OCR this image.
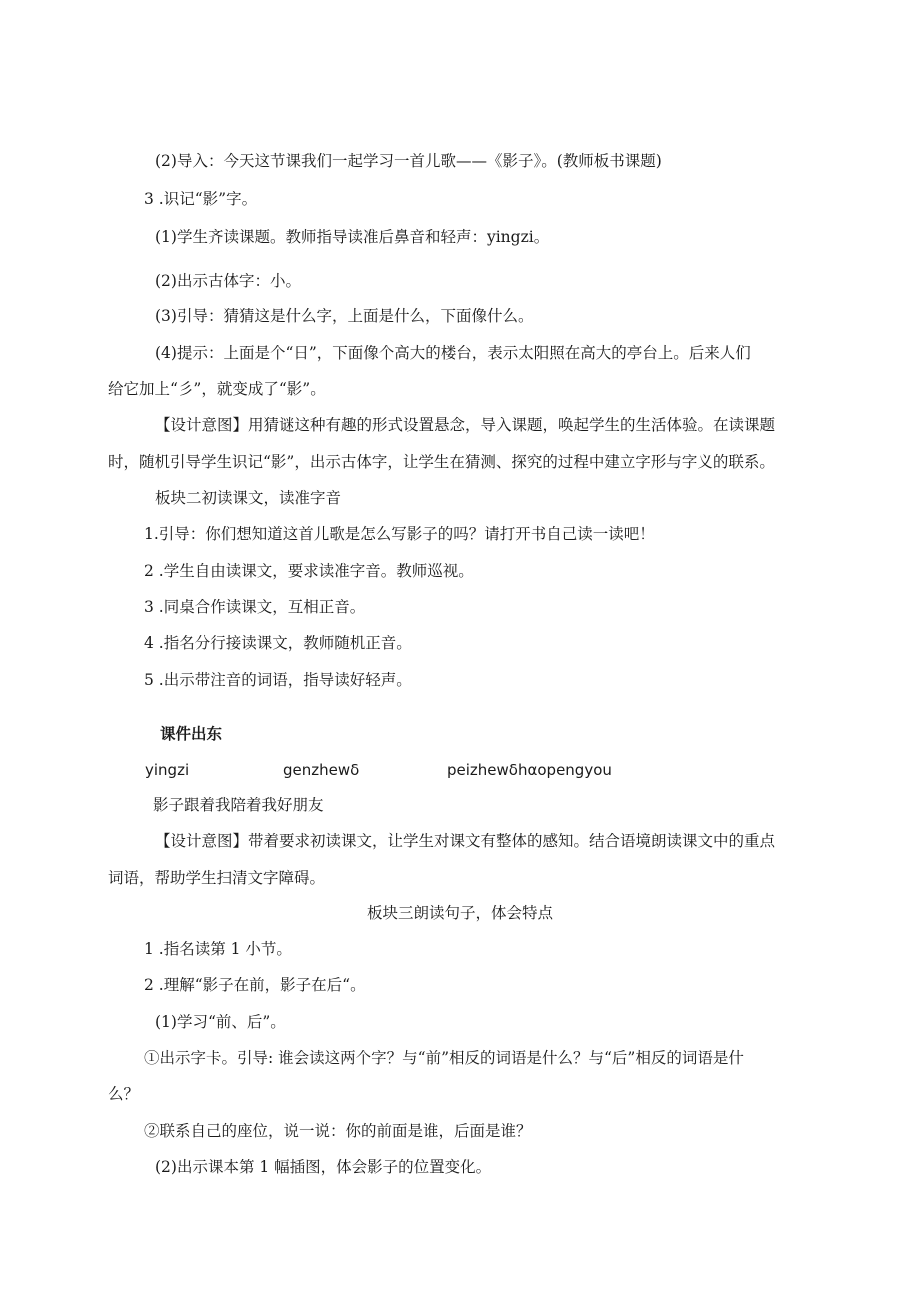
(2)导入：今天这节课我们一起学习一首儿歌——《影子》。(教师板书课题)
3 .识记“影”字。
(1)学生齐读课题。教师指导读准后鼻音和轻声：yingzi。
(2)出示古体字：小。
(3)引导：猜猜这是什么字，上面是什么，下面像什么。
(4)提示：上面是个“日”，下面像个高大的楼台，表示太阳照在高大的亭台上。后来人们
给它加上“彡”，就变成了“影”。
【设计意图】用猜谜这种有趣的形式设置悬念，导入课题，唤起学生的生活体验。在读课题
时，随机引导学生识记“影”，出示古体字，让学生在猜测、探究的过程中建立字形与字义的联系。
板块二初读课文，读准字音
1.引导：你们想知道这首儿歌是怎么写影子的吗？请打开书自己读一读吧！
2 .学生自由读课文，要求读准字音。教师巡视。
3 .同桌合作读课文，互相正音。
4 .指名分行接读课文，教师随机正音。
5 .出示带注音的词语，指导读好轻声。
课件出东
yingzi	genzhewδ	peizhewδhαopengyou
影子跟着我陪着我好朋友
【设计意图】带着要求初读课文，让学生对课文有整体的感知。结合语境朗读课文中的重点
词语，帮助学生扫清文字障碍。
板块三朗读句子，体会特点
1 .指名读第 1 小节。
2 .理解“影子在前，影子在后“。
(1)学习“前、后”。
①出示字卡。引导: 谁会读这两个字？与“前”相反的词语是什么？与“后”相反的词语是什
么？
②联系自己的座位，说一说：你的前面是谁，后面是谁？
(2)出示课本第 1 幅插图，体会影子的位置变化。
